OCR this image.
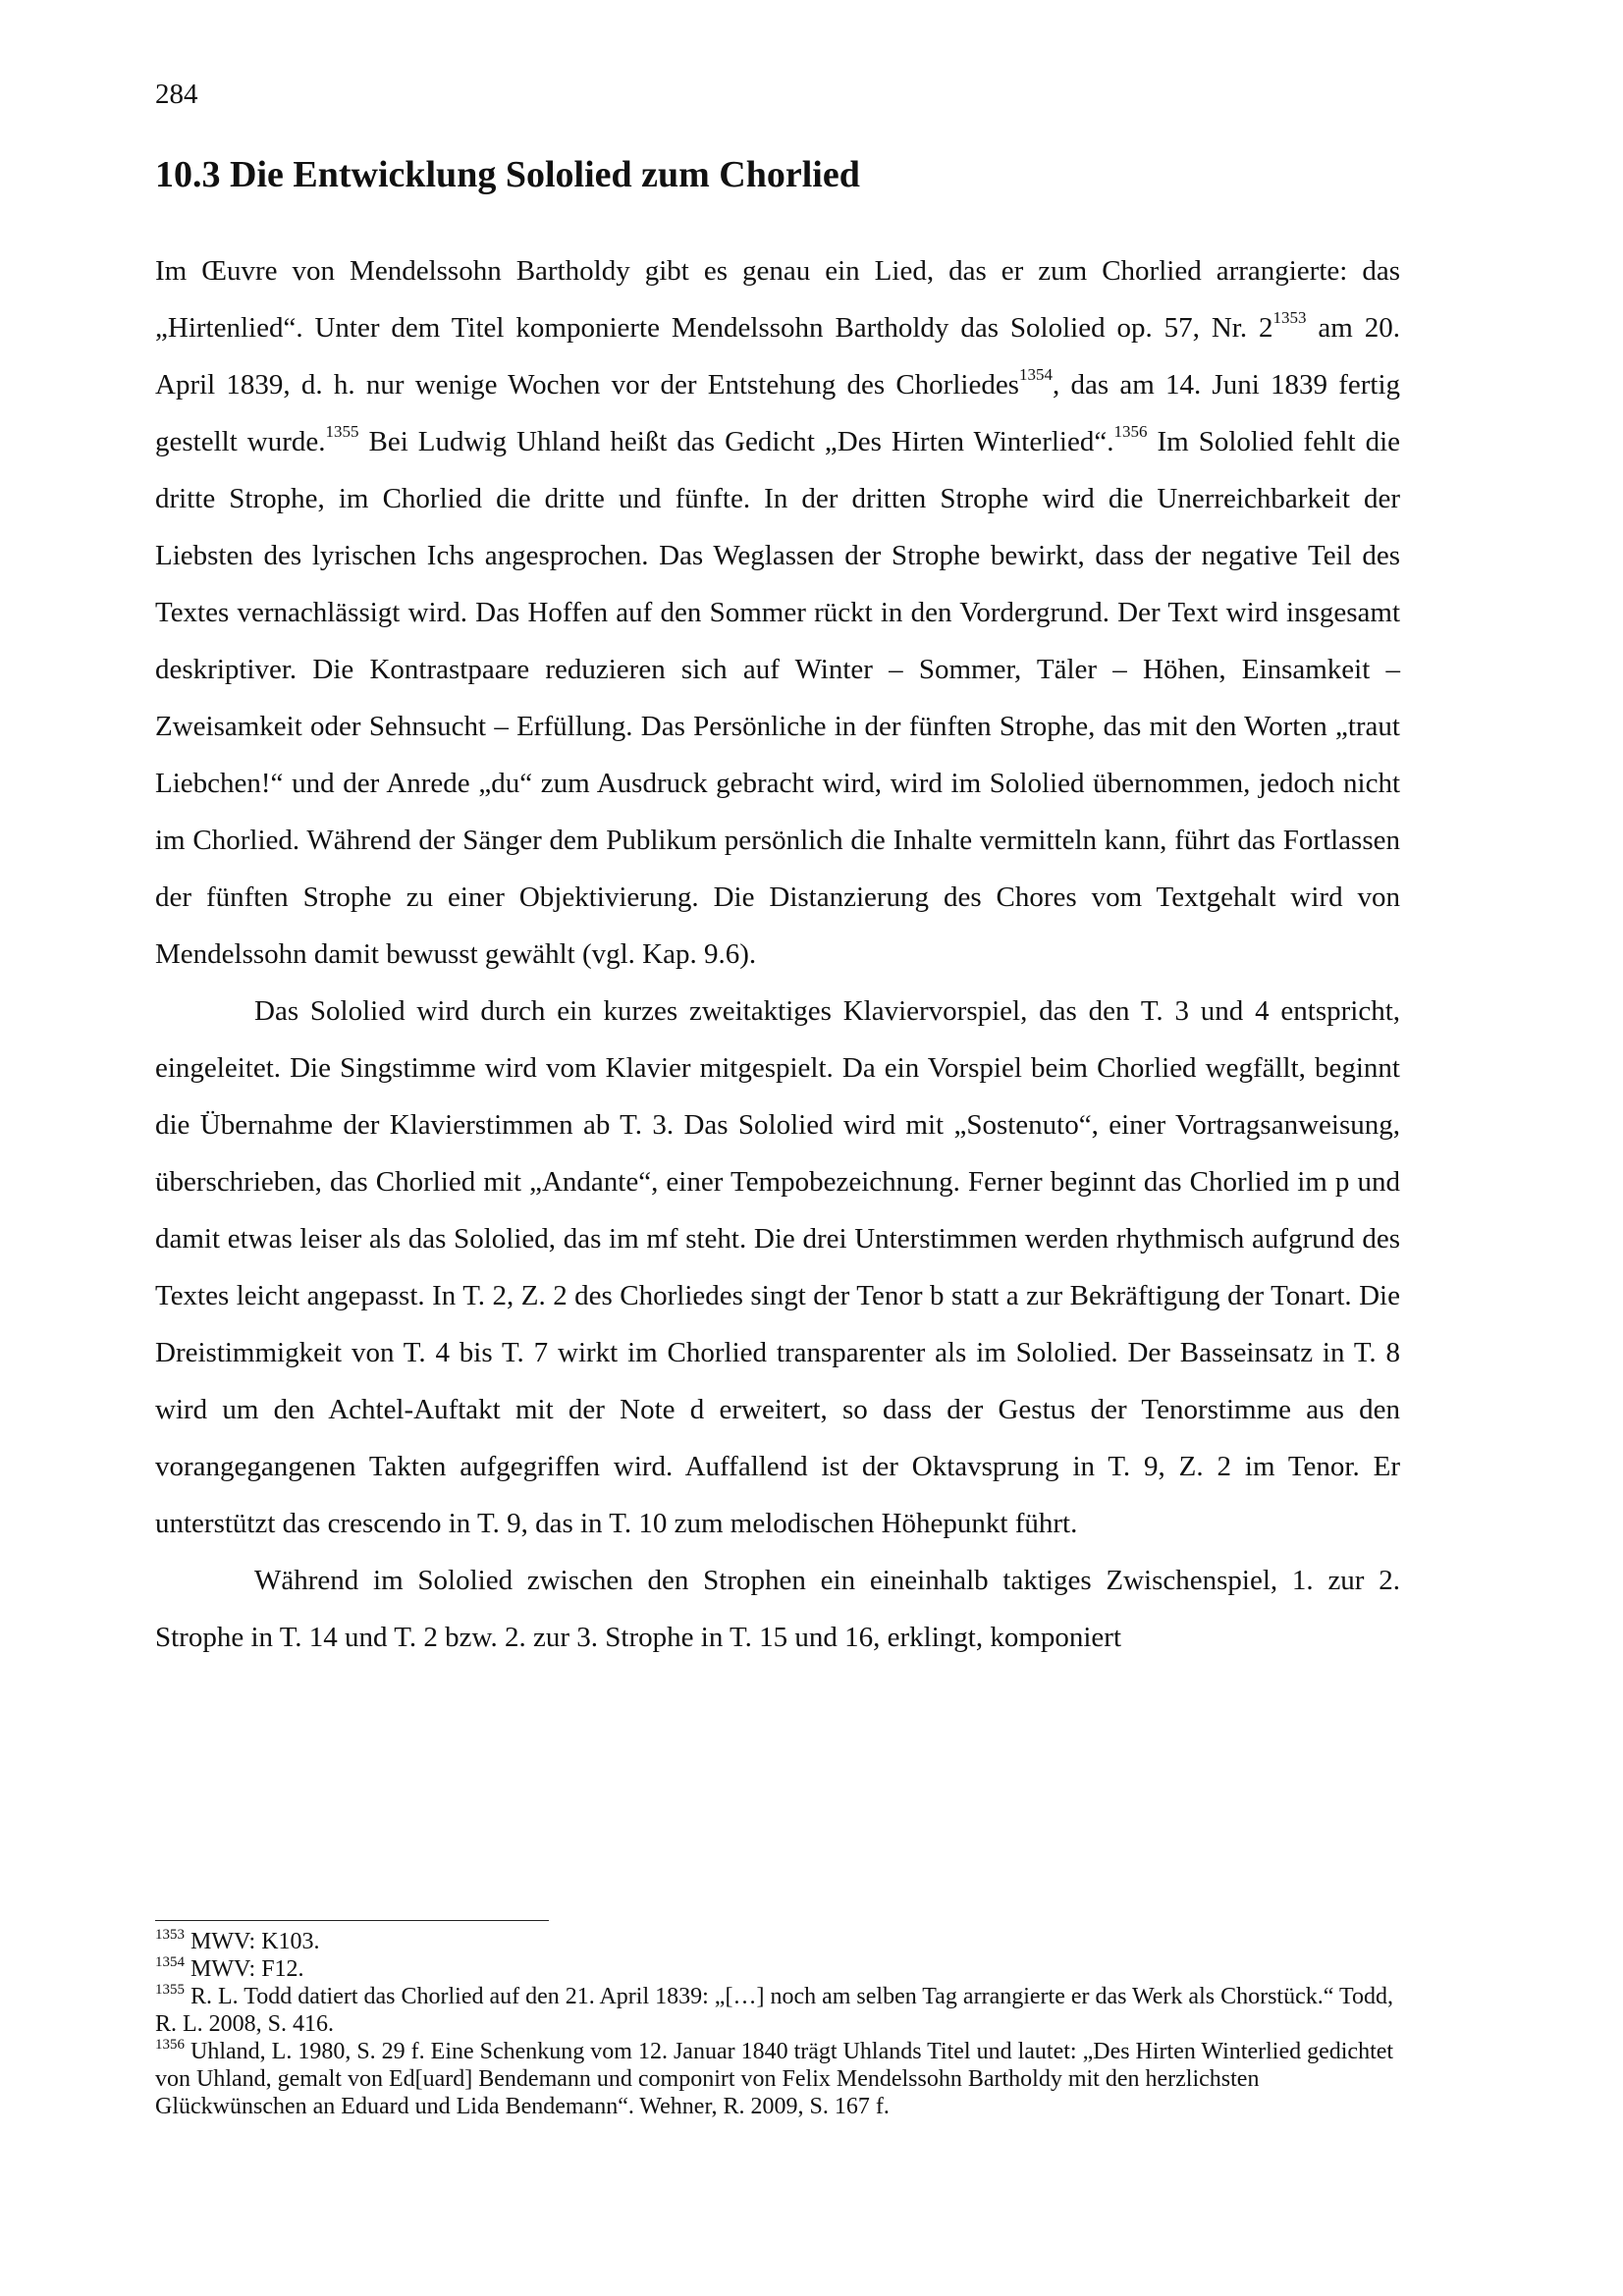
284
10.3 Die Entwicklung Sololied zum Chorlied

Im Œuvre von Mendelssohn Bartholdy gibt es genau ein Lied, das er zum Chorlied arrangierte: das „Hirtenlied“. Unter dem Titel komponierte Mendelssohn Bartholdy das Sololied op. 57, Nr. 2$^{1353}$ am 20. April 1839, d. h. nur wenige Wochen vor der Entstehung des Chorliedes$^{1354}$, das am 14. Juni 1839 fertig gestellt wurde.$^{1355}$ Bei Ludwig Uhland heißt das Gedicht „Des Hirten Winterlied“.$^{1356}$ Im Sololied fehlt die dritte Strophe, im Chorlied die dritte und fünfte. In der dritten Strophe wird die Unerreichbarkeit der Liebsten des lyrischen Ichs angesprochen. Das Weglassen der Strophe bewirkt, dass der negative Teil des Textes vernachlässigt wird. Das Hoffen auf den Sommer rückt in den Vordergrund. Der Text wird insgesamt deskriptiver. Die Kontrastpaare reduzieren sich auf Winter – Sommer, Täler – Höhen, Einsamkeit – Zweisamkeit oder Sehnsucht – Erfüllung. Das Persönliche in der fünften Strophe, das mit den Worten „traut Liebchen!“ und der Anrede „du“ zum Ausdruck gebracht wird, wird im Sololied übernommen, jedoch nicht im Chorlied. Während der Sänger dem Publikum persönlich die Inhalte vermitteln kann, führt das Fortlassen der fünften Strophe zu einer Objektivierung. Die Distanzierung des Chores vom Textgehalt wird von Mendelssohn damit bewusst gewählt (vgl. Kap. 9.6).

Das Sololied wird durch ein kurzes zweitaktiges Klaviervorspiel, das den T. 3 und 4 entspricht, eingeleitet. Die Singstimme wird vom Klavier mitgespielt. Da ein Vorspiel beim Chorlied wegfällt, beginnt die Übernahme der Klavierstimmen ab T. 3. Das Sololied wird mit „Sostenuto“, einer Vortragsanweisung, überschrieben, das Chorlied mit „Andante“, einer Tempobezeichnung. Ferner beginnt das Chorlied im p und damit etwas leiser als das Sololied, das im mf steht. Die drei Unterstimmen werden rhythmisch aufgrund des Textes leicht angepasst. In T. 2, Z. 2 des Chorliedes singt der Tenor b statt a zur Bekräftigung der Tonart. Die Dreistimmigkeit von T. 4 bis T. 7 wirkt im Chorlied transparenter als im Sololied. Der Basseinsatz in T. 8 wird um den Achtel-Auftakt mit der Note d erweitert, so dass der Gestus der Tenorstimme aus den vorangegangenen Takten aufgegriffen wird. Auffallend ist der Oktavsprung in T. 9, Z. 2 im Tenor. Er unterstützt das crescendo in T. 9, das in T. 10 zum melodischen Höhepunkt führt.

Während im Sololied zwischen den Strophen ein eineinhalb taktiges Zwischenspiel, 1. zur 2. Strophe in T. 14 und T. 2 bzw. 2. zur 3. Strophe in T. 15 und 16, erklingt, komponiert

$^{1353}$ MWV: K103.

$^{1354}$ MWV: F12.

$^{1355}$ R. L. Todd datiert das Chorlied auf den 21. April 1839: „[…] noch am selben Tag arrangierte er das Werk als Chorstück.“ Todd, R. L. 2008, S. 416.

$^{1356}$ Uhland, L. 1980, S. 29 f. Eine Schenkung vom 12. Januar 1840 trägt Uhlands Titel und lautet: „Des Hirten Winterlied gedichtet von Uhland, gemalt von Ed[uard] Bendemann und componirt von Felix Mendelssohn Bartholdy mit den herzlichsten Glückwünschen an Eduard und Lida Bendemann“. Wehner, R. 2009, S. 167 f.
